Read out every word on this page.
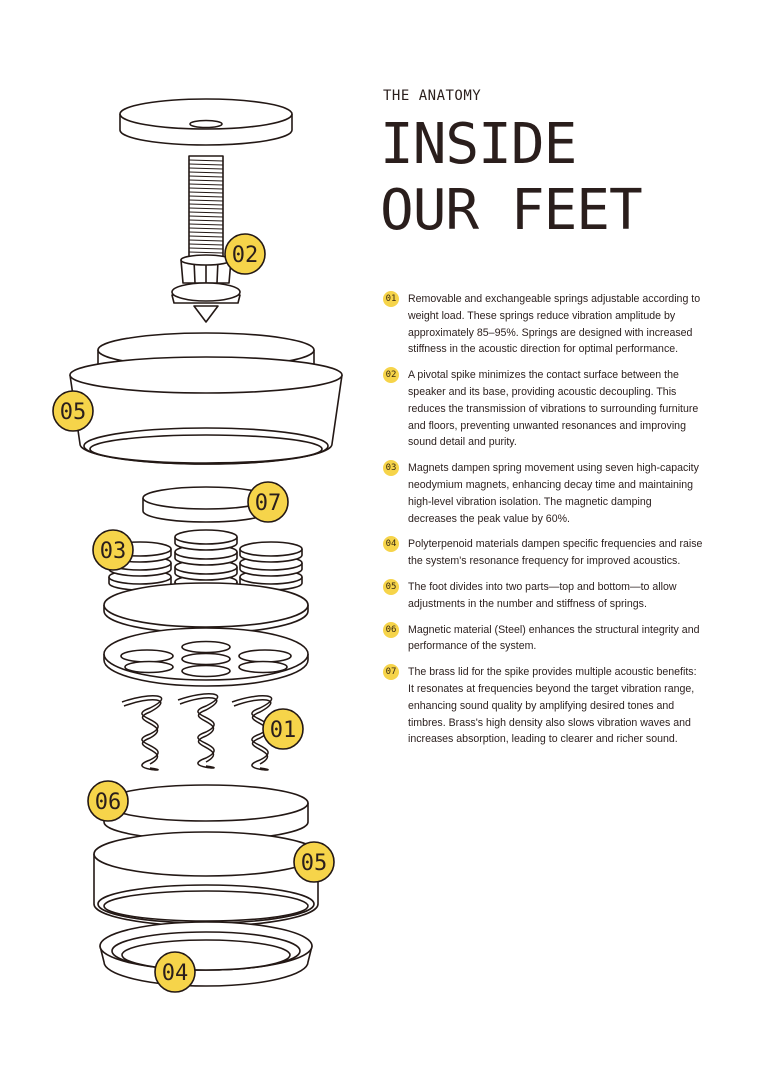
02
05
07
03
01
06
05
04
THE ANATOMY
INSIDE
OUR FEET
01 Removable and exchangeable springs adjustable according to weight load. These springs reduce vibration amplitude by approximately 85–95%. Springs are designed with increased stiffness in the acoustic direction for optimal performance.
02 A pivotal spike minimizes the contact surface between the speaker and its base, providing acoustic decoupling. This reduces the transmission of vibrations to surrounding furniture and floors, preventing unwanted resonances and improving sound detail and purity.
03 Magnets dampen spring movement using seven high-capacity neodymium magnets, enhancing decay time and maintaining high-level vibration isolation. The magnetic damping decreases the peak value by 60%.
04 Polyterpenoid materials dampen specific frequencies and raise the system's resonance frequency for improved acoustics.
05 The foot divides into two parts—top and bottom—to allow adjustments in the number and stiffness of springs.
06 Magnetic material (Steel) enhances the structural integrity and performance of the system.
07 The brass lid for the spike provides multiple acoustic benefits: It resonates at frequencies beyond the target vibration range, enhancing sound quality by amplifying desired tones and timbres. Brass's high density also slows vibration waves and increases absorption, leading to clearer and richer sound.
